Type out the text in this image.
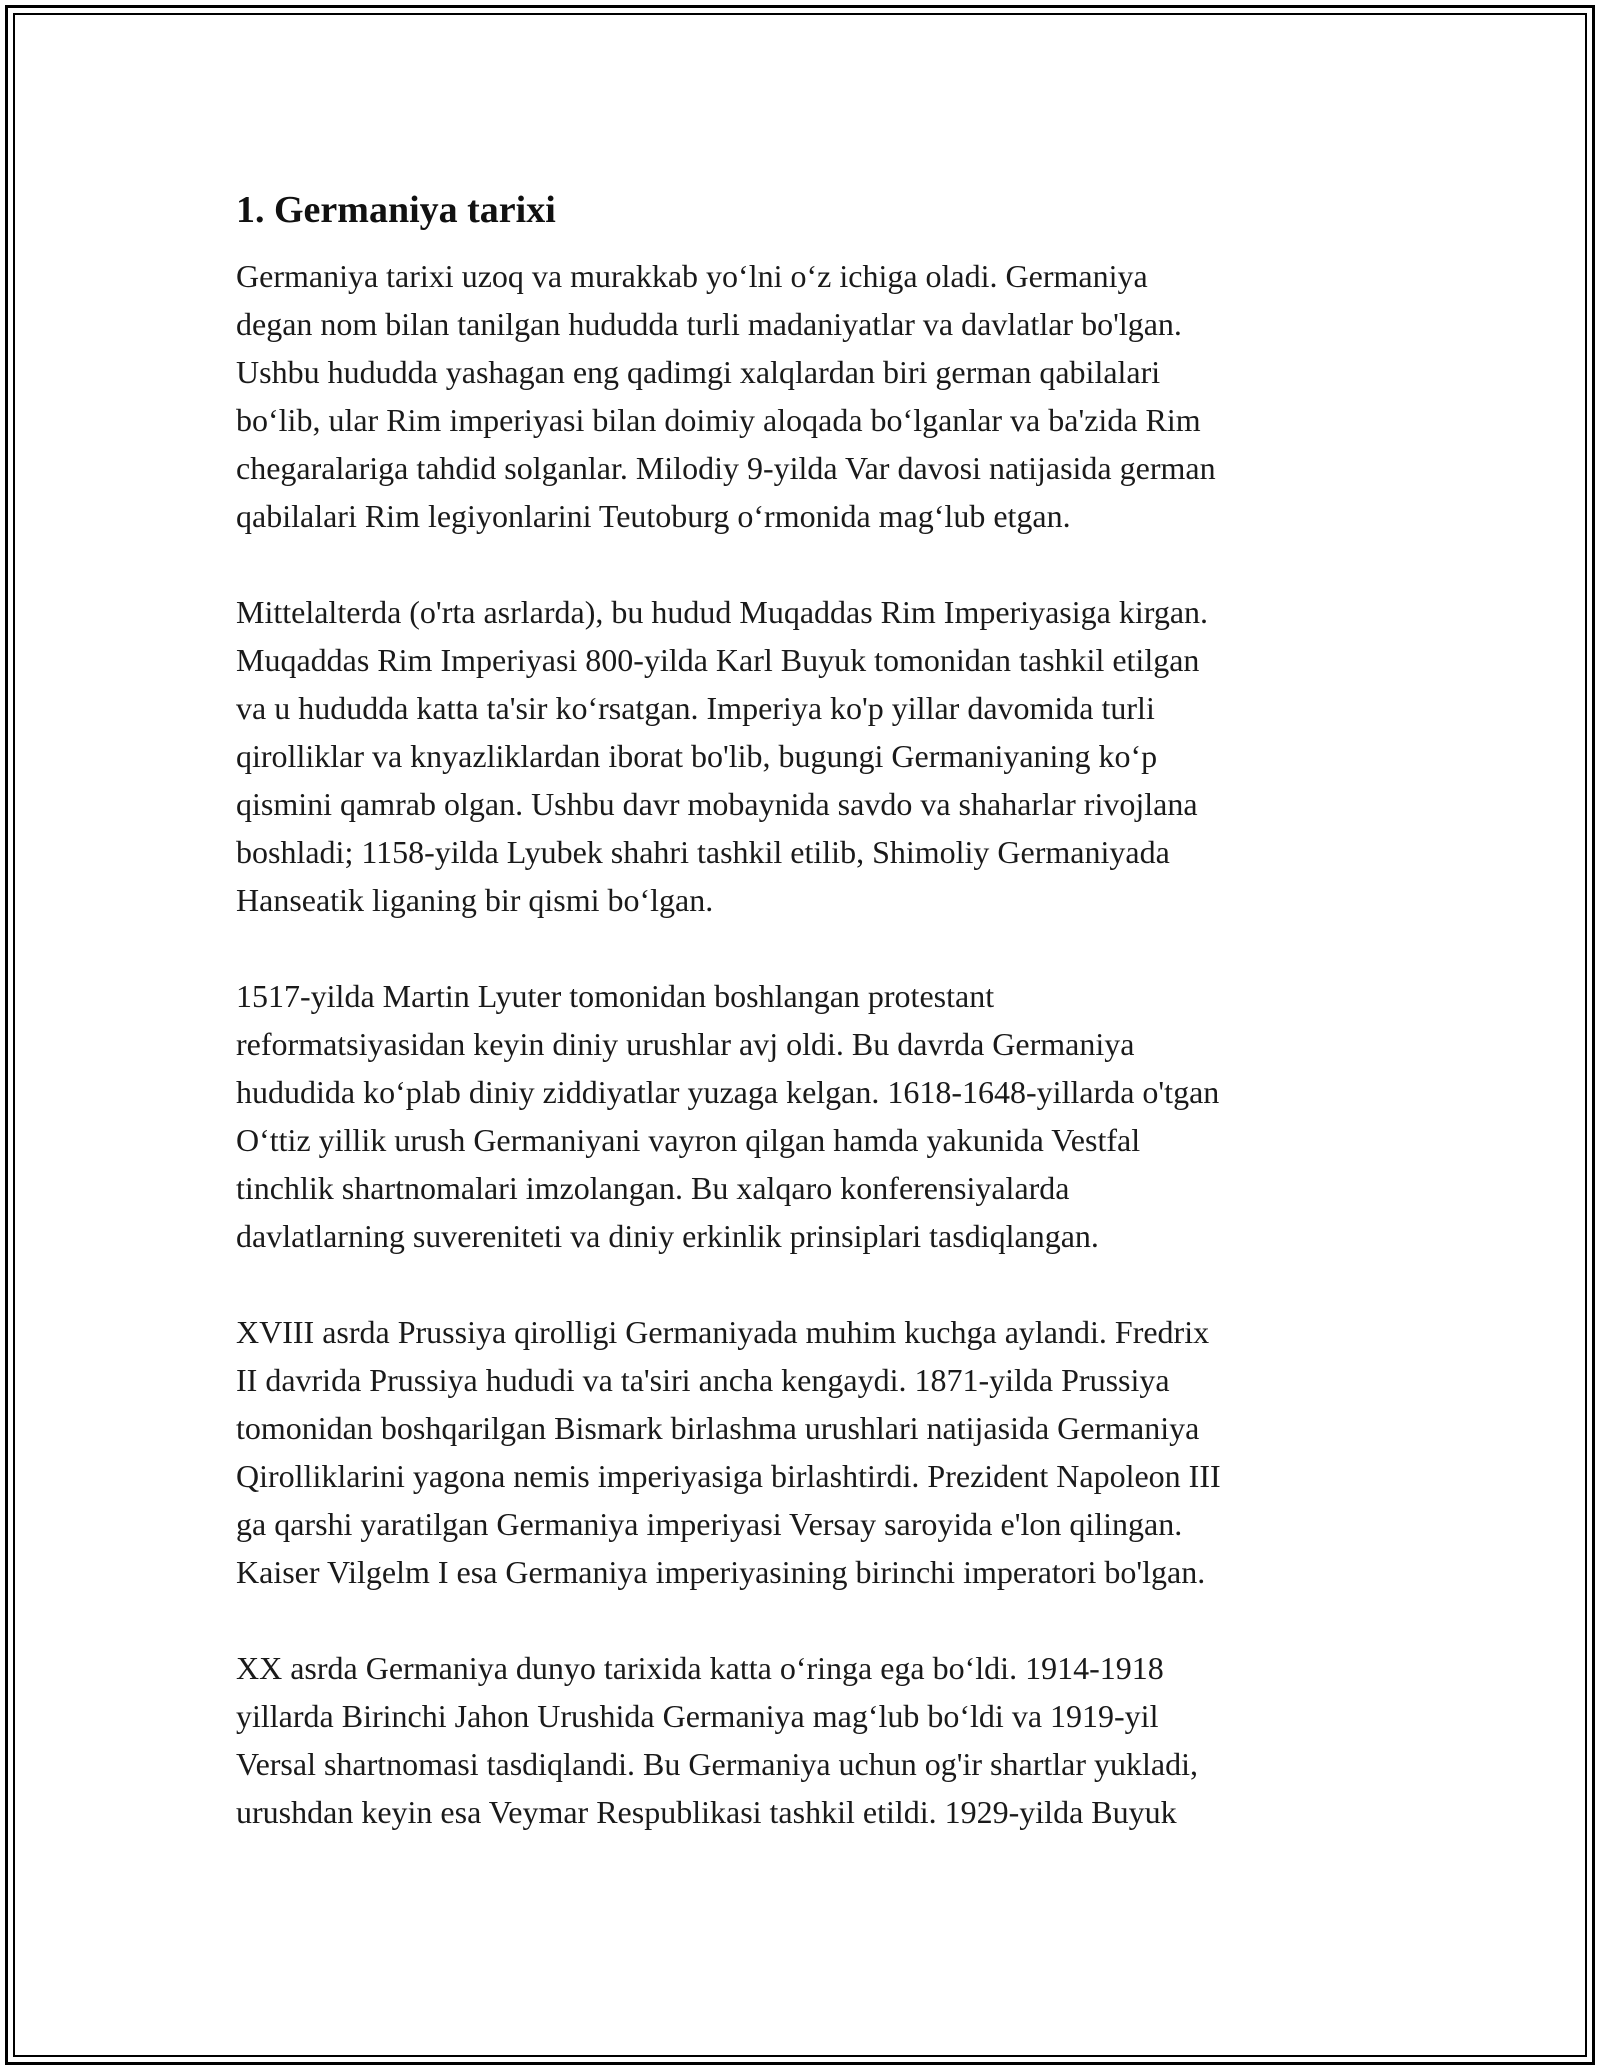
1. Germaniya tarixi

Germaniya tarixi uzoq va murakkab yo‘lni o‘z ichiga oladi. Germaniya
degan nom bilan tanilgan hududda turli madaniyatlar va davlatlar bo'lgan.
Ushbu hududda yashagan eng qadimgi xalqlardan biri german qabilalari
bo‘lib, ular Rim imperiyasi bilan doimiy aloqada bo‘lganlar va ba'zida Rim
chegaralariga tahdid solganlar. Milodiy 9-yilda Var davosi natijasida german
qabilalari Rim legiyonlarini Teutoburg o‘rmonida mag‘lub etgan.

Mittelalterda (o'rta asrlarda), bu hudud Muqaddas Rim Imperiyasiga kirgan.
Muqaddas Rim Imperiyasi 800-yilda Karl Buyuk tomonidan tashkil etilgan
va u hududda katta ta'sir ko‘rsatgan. Imperiya ko'p yillar davomida turli
qirolliklar va knyazliklardan iborat bo'lib, bugungi Germaniyaning ko‘p
qismini qamrab olgan. Ushbu davr mobaynida savdo va shaharlar rivojlana
boshladi; 1158-yilda Lyubek shahri tashkil etilib, Shimoliy Germaniyada
Hanseatik liganing bir qismi bo‘lgan.

1517-yilda Martin Lyuter tomonidan boshlangan protestant
reformatsiyasidan keyin diniy urushlar avj oldi. Bu davrda Germaniya
hududida ko‘plab diniy ziddiyatlar yuzaga kelgan. 1618-1648-yillarda o'tgan
O‘ttiz yillik urush Germaniyani vayron qilgan hamda yakunida Vestfal
tinchlik shartnomalari imzolangan. Bu xalqaro konferensiyalarda
davlatlarning suvereniteti va diniy erkinlik prinsiplari tasdiqlangan.

XVIII asrda Prussiya qirolligi Germaniyada muhim kuchga aylandi. Fredrix
II davrida Prussiya hududi va ta'siri ancha kengaydi. 1871-yilda Prussiya
tomonidan boshqarilgan Bismark birlashma urushlari natijasida Germaniya
Qirolliklarini yagona nemis imperiyasiga birlashtirdi. Prezident Napoleon III
ga qarshi yaratilgan Germaniya imperiyasi Versay saroyida e'lon qilingan.
Kaiser Vilgelm I esa Germaniya imperiyasining birinchi imperatori bo'lgan.

XX asrda Germaniya dunyo tarixida katta o‘ringa ega bo‘ldi. 1914-1918
yillarda Birinchi Jahon Urushida Germaniya mag‘lub bo‘ldi va 1919-yil
Versal shartnomasi tasdiqlandi. Bu Germaniya uchun og'ir shartlar yukladi,
urushdan keyin esa Veymar Respublikasi tashkil etildi. 1929-yilda Buyuk
